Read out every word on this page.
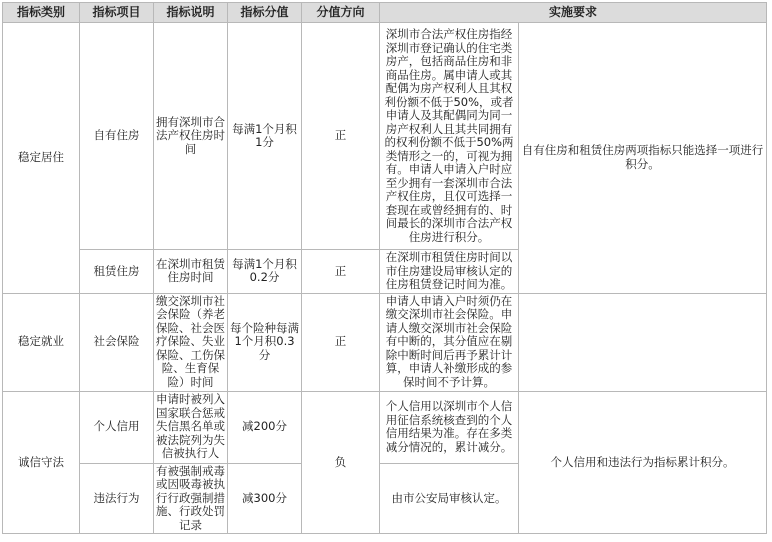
指标类别	指标项目	指标说明	指标分值	分值方向	实施要求	
稳定居住	自有住房	拥有深圳市合法产权住房时间	每满1个月积1分	正	深圳市合法产权住房指经深圳市登记确认的住宅类房产，包括商品住房和非商品住房。属申请人或其配偶为房产权利人且其权利份额不低于50%，或者申请人及其配偶同为同一房产权利人且其共同拥有的权利份额不低于50%两类情形之一的，可视为拥有。申请人申请入户时应至少拥有一套深圳市合法产权住房，且仅可选择一套现在或曾经拥有的、时间最长的深圳市合法产权住房进行积分。	自有住房和租赁住房两项指标只能选择一项进行积分。
	租赁住房	在深圳市租赁住房时间	每满1个月积0.2分	正	在深圳市租赁住房时间以市住房建设局审核认定的住房租赁登记时间为准。	
稳定就业	社会保险	缴交深圳市社会保险（养老保险、社会医疗保险、失业保险、工伤保险、生育保险）时间	每个险种每满1个月积0.3分	正	申请人申请入户时须仍在缴交深圳市社会保险。申请人缴交深圳市社会保险有中断的，其分值应在剔除中断时间后再予累计计算，申请人补缴形成的参保时间不予计算。	
诚信守法	个人信用	申请时被列入国家联合惩戒失信黑名单或被法院列为失信被执行人	减200分	负	个人信用以深圳市个人信用征信系统核查到的个人信用结果为准。存在多类减分情况的，累计减分。	个人信用和违法行为指标累计积分。
	违法行为	有被强制戒毒或因吸毒被执行行政强制措施、行政处罚记录	减300分		由市公安局审核认定。	
